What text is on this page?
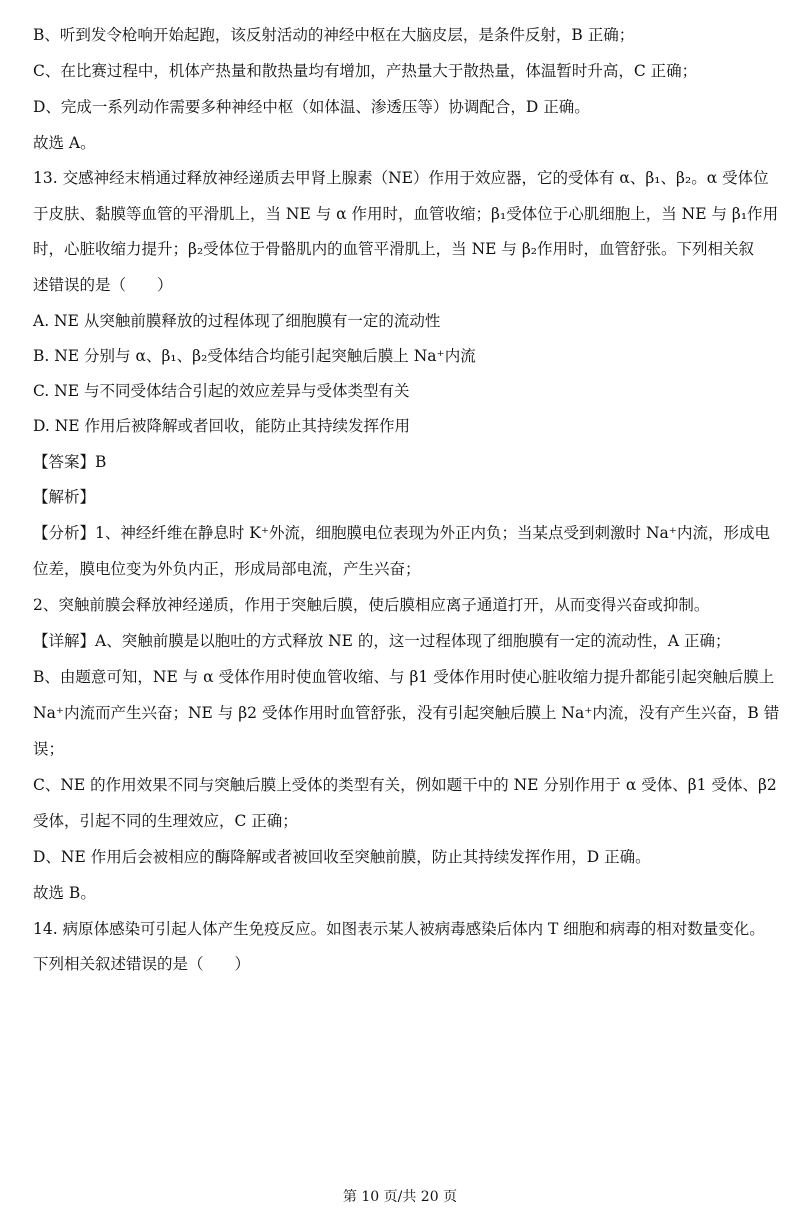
B、听到发令枪响开始起跑，该反射活动的神经中枢在大脑皮层，是条件反射，B 正确；
C、在比赛过程中，机体产热量和散热量均有增加，产热量大于散热量，体温暂时升高，C 正确；
D、完成一系列动作需要多种神经中枢（如体温、渗透压等）协调配合，D 正确。
故选 A。
13. 交感神经末梢通过释放神经递质去甲肾上腺素（NE）作用于效应器，它的受体有 α、β₁、β₂。α 受体位
于皮肤、黏膜等血管的平滑肌上，当 NE 与 α 作用时，血管收缩；β₁受体位于心肌细胞上，当 NE 与 β₁作用
时，心脏收缩力提升；β₂受体位于骨骼肌内的血管平滑肌上，当 NE 与 β₂作用时，血管舒张。下列相关叙
述错误的是（　　）
A. NE 从突触前膜释放的过程体现了细胞膜有一定的流动性
B. NE 分别与 α、β₁、β₂受体结合均能引起突触后膜上 Na⁺内流
C. NE 与不同受体结合引起的效应差异与受体类型有关
D. NE 作用后被降解或者回收，能防止其持续发挥作用
【答案】B
【解析】
【分析】1、神经纤维在静息时 K⁺外流，细胞膜电位表现为外正内负；当某点受到刺激时 Na⁺内流，形成电
位差，膜电位变为外负内正，形成局部电流，产生兴奋；
2、突触前膜会释放神经递质，作用于突触后膜，使后膜相应离子通道打开，从而变得兴奋或抑制。
【详解】A、突触前膜是以胞吐的方式释放 NE 的，这一过程体现了细胞膜有一定的流动性，A 正确；
B、由题意可知，NE 与 α 受体作用时使血管收缩、与 β1 受体作用时使心脏收缩力提升都能引起突触后膜上
Na⁺内流而产生兴奋；NE 与 β2 受体作用时血管舒张，没有引起突触后膜上 Na⁺内流，没有产生兴奋，B 错
误；
C、NE 的作用效果不同与突触后膜上受体的类型有关，例如题干中的 NE 分别作用于 α 受体、β1 受体、β2
受体，引起不同的生理效应，C 正确；
D、NE 作用后会被相应的酶降解或者被回收至突触前膜，防止其持续发挥作用，D 正确。
故选 B。
14. 病原体感染可引起人体产生免疫反应。如图表示某人被病毒感染后体内 T 细胞和病毒的相对数量变化。
下列相关叙述错误的是（　　）
第 10 页/共 20 页
